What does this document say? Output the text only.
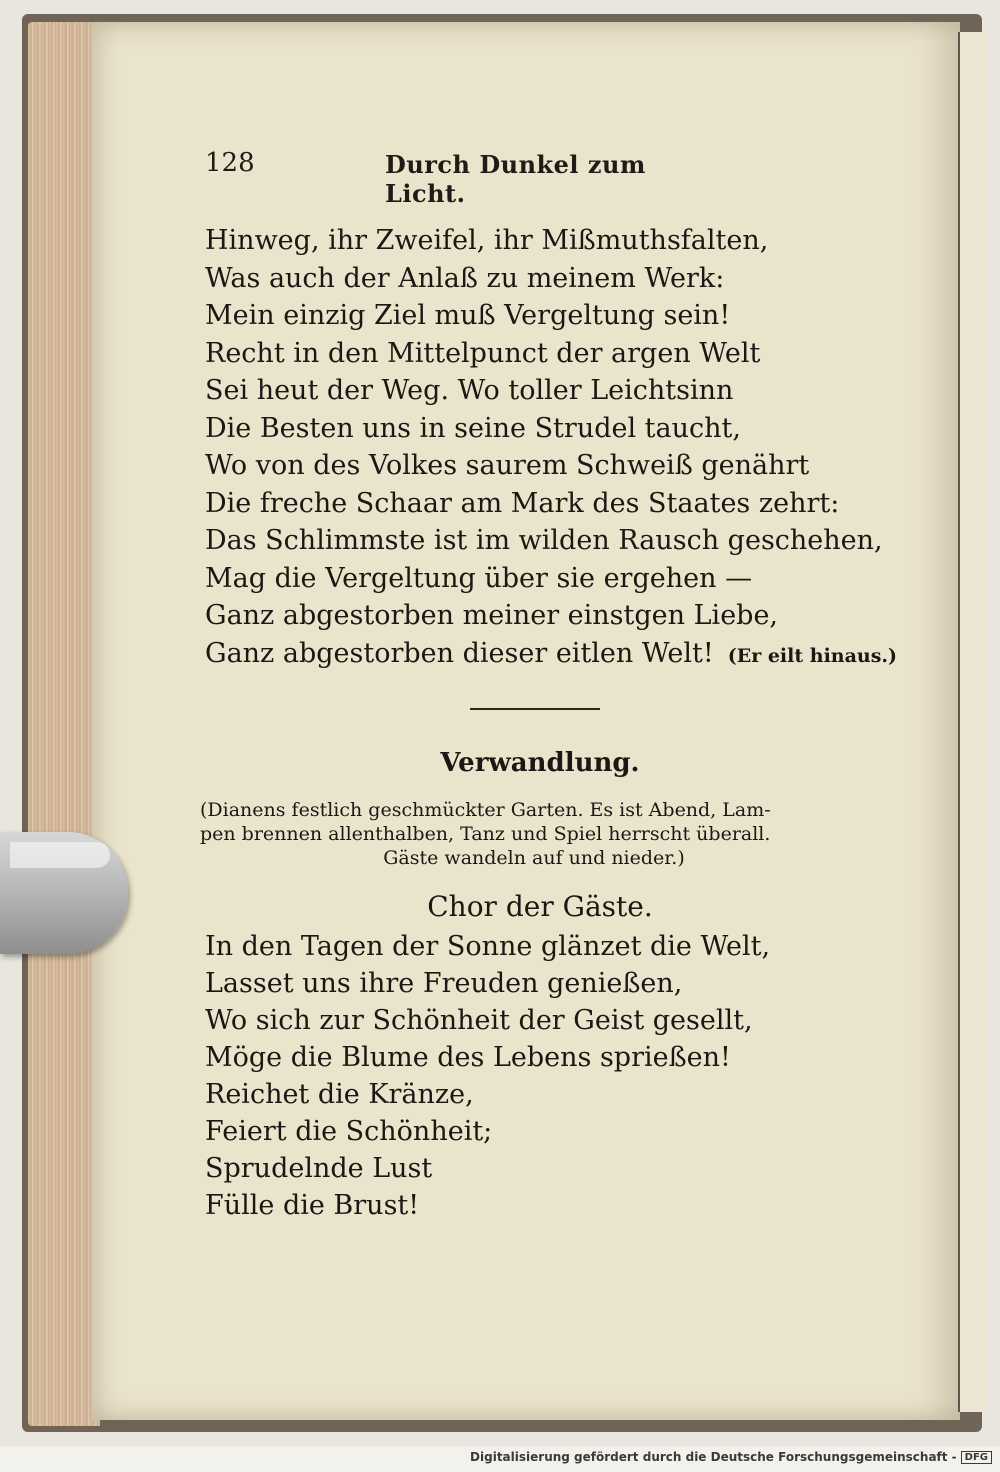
128	Durch Dunkel zum Licht.
Hinweg, ihr Zweifel, ihr Mißmuthsfalten,
Was auch der Anlaß zu meinem Werk:
Mein einzig Ziel muß Vergeltung sein!
Recht in den Mittelpunct der argen Welt
Sei heut der Weg. Wo toller Leichtsinn
Die Besten uns in seine Strudel taucht,
Wo von des Volkes saurem Schweiß genährt
Die freche Schaar am Mark des Staates zehrt:
Das Schlimmste ist im wilden Rausch geschehen,
Mag die Vergeltung über sie ergehen —
Ganz abgestorben meiner einstgen Liebe,
Ganz abgestorben dieser eitlen Welt! (Er eilt hinaus.)
Verwandlung.
(Dianens festlich geschmückter Garten. Es ist Abend, Lam-
pen brennen allenthalben, Tanz und Spiel herrscht überall.
Gäste wandeln auf und nieder.)
Chor der Gäste.
In den Tagen der Sonne glänzet die Welt,
Lasset uns ihre Freuden genießen,
Wo sich zur Schönheit der Geist gesellt,
Möge die Blume des Lebens sprießen!
Reichet die Kränze,
Feiert die Schönheit;
Sprudelnde Lust
Fülle die Brust!
Digitalisierung gefördert durch die Deutsche Forschungsgemeinschaft - DFG
